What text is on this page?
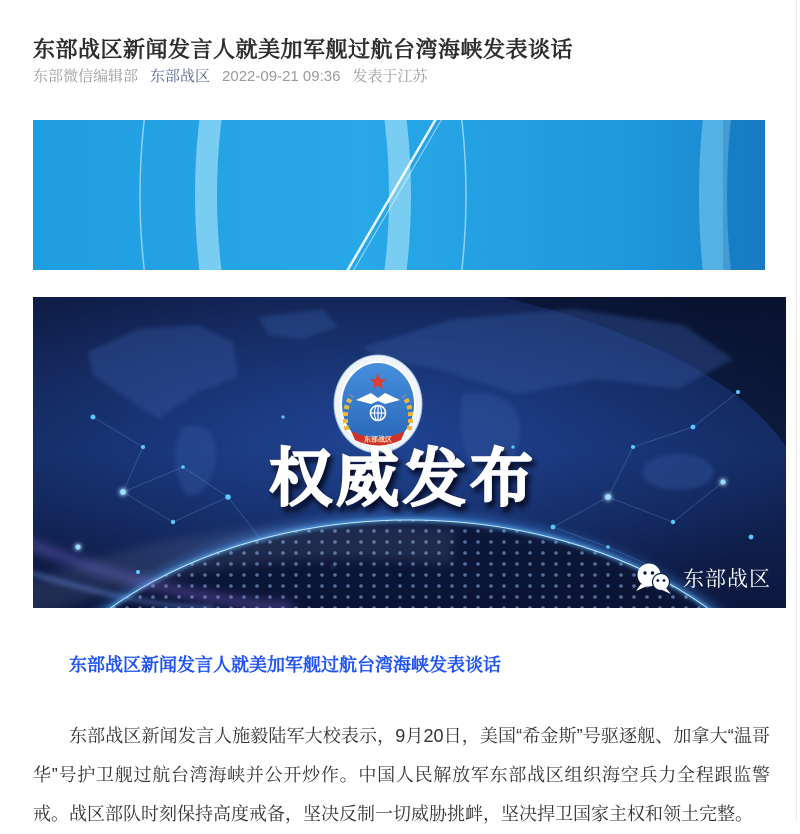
东部战区新闻发言人就美加军舰过航台湾海峡发表谈话
东部微信编辑部 东部战区 2022-09-21 09:36 发表于江苏
东部战区
权威发布
东部战区
东部战区新闻发言人就美加军舰过航台湾海峡发表谈话

东部战区新闻发言人施毅陆军大校表示，9月20日，美国“希金斯”号驱逐舰、加拿大“温哥华”号护卫舰过航台湾海峡并公开炒作。中国人民解放军东部战区组织海空兵力全程跟监警戒。战区部队时刻保持高度戒备，坚决反制一切威胁挑衅，坚决捍卫国家主权和领土完整。
